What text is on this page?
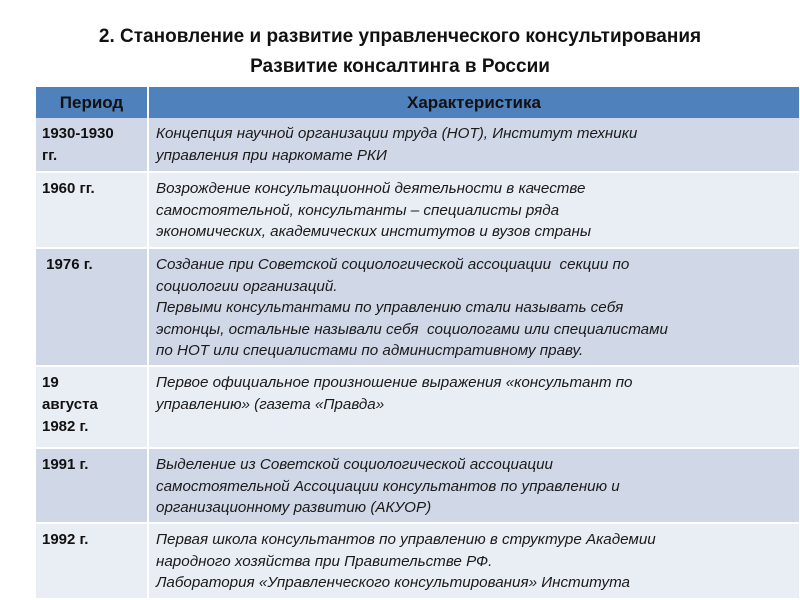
2. Становление и развитие управленческого консультирования
Развитие консалтинга в России
Период	Характеристика

1930-1930
гг.	Концепция научной организации труда (НОТ), Институт техники
управления при наркомате РКИ

1960 гг.	Возрождение консультационной деятельности в качестве
самостоятельной, консультанты – специалисты ряда
экономических, академических институтов и вузов страны

1976 г.	Создание при Советской социологической ассоциации  секции по
социологии организаций.
Первыми консультантами по управлению стали называть себя
эстонцы, остальные называли себя  социологами или специалистами
по НОТ или специалистами по административному праву.

19
августа
1982 г.	Первое официальное произношение выражения «консультант по
управлению» (газета «Правда»

1991 г.	Выделение из Советской социологической ассоциации
самостоятельной Ассоциации консультантов по управлению и
организационному развитию (АКУОР)

1992 г.	Первая школа консультантов по управлению в структуре Академии
народного хозяйства при Правительстве РФ.
Лаборатория «Управленческого консультирования» Института
